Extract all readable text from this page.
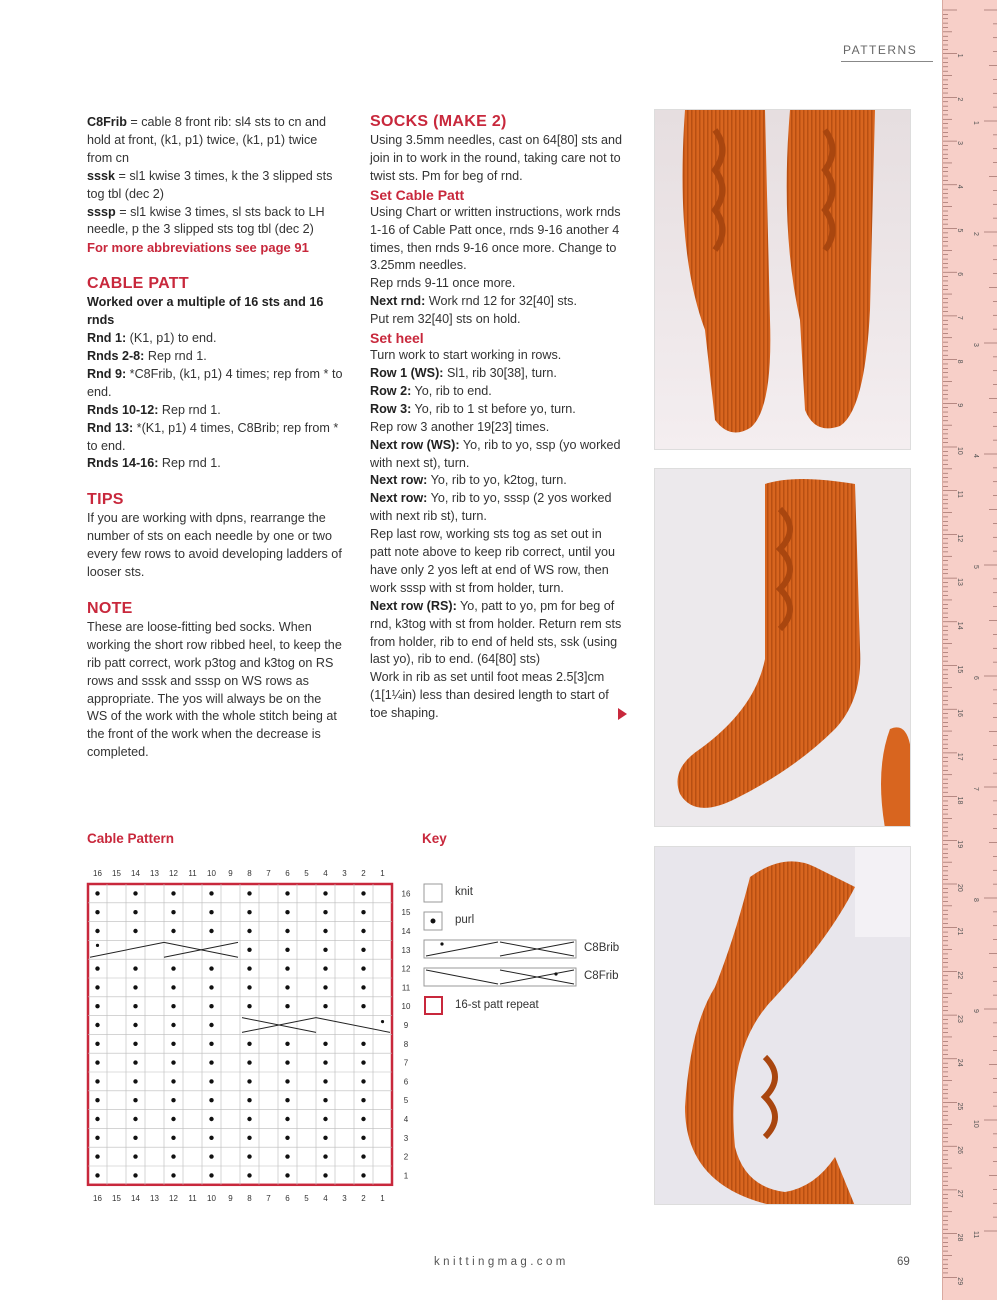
PATTERNS

C8Frib = cable 8 front rib: sl4 sts to cn and hold at front, (k1, p1) twice, (k1, p1) twice from cn

sssk = sl1 kwise 3 times, k the 3 slipped sts tog tbl (dec 2)

sssp = sl1 kwise 3 times, sl sts back to LH needle, p the 3 slipped sts tog tbl (dec 2)

For more abbreviations see page 91

CABLE PATT

Worked over a multiple of 16 sts and 16 rnds

Rnd 1: (K1, p1) to end.

Rnds 2-8: Rep rnd 1.

Rnd 9: *C8Frib, (k1, p1) 4 times; rep from * to end.

Rnds 10-12: Rep rnd 1.

Rnd 13: *(K1, p1) 4 times, C8Brib; rep from * to end.

Rnds 14-16: Rep rnd 1.

TIPS

If you are working with dpns, rearrange the number of sts on each needle by one or two every few rows to avoid developing ladders of looser sts.

NOTE

These are loose-fitting bed socks. When working the short row ribbed heel, to keep the rib patt correct, work p3tog and k3tog on RS rows and sssk and sssp on WS rows as appropriate. The yos will always be on the WS of the work with the whole stitch being at the front of the work when the decrease is completed.

SOCKS (MAKE 2)

Using 3.5mm needles, cast on 64[80] sts and join in to work in the round, taking care not to twist sts. Pm for beg of rnd.

Set Cable Patt

Using Chart or written instructions, work rnds 1-16 of Cable Patt once, rnds 9-16 another 4 times, then rnds 9-16 once more. Change to 3.25mm needles.

Rep rnds 9-11 once more.

Next rnd: Work rnd 12 for 32[40] sts.

Put rem 32[40] sts on hold.

Set heel

Turn work to start working in rows.

Row 1 (WS): Sl1, rib 30[38], turn.

Row 2: Yo, rib to end.

Row 3: Yo, rib to 1 st before yo, turn.

Rep row 3 another 19[23] times.

Next row (WS): Yo, rib to yo, ssp (yo worked with next st), turn.

Next row: Yo, rib to yo, k2tog, turn.

Next row: Yo, rib to yo, sssp (2 yos worked with next rib st), turn.

Rep last row, working sts tog as set out in patt note above to keep rib correct, until you have only 2 yos left at end of WS row, then work sssp with st from holder, turn.

Next row (RS): Yo, patt to yo, pm for beg of rnd, k3tog with st from holder. Return rem sts from holder, rib to end of held sts, ssk (using last yo), rib to end. (64[80] sts)

Work in rib as set until foot meas 2.5[3]cm (1[1¼in) less than desired length to start of toe shaping.

Cable Pattern
16
16
15
15
14
14
13
13
12
12
11
11
10
10
9
9
8
8
7
7
6
6
5
5
4
4
3
3
2
2
1
1
16
15
14
13
12
11
10
9
8
7
6
5
4
3
2
1
Key
knit
purl
C8Brib
C8Frib
16-st patt repeat
1
2
3
4
5
6
7
8
9
10
11
12
13
14
15
16
17
18
19
20
21
22
23
24
25
26
27
28
29
1
2
3
4
5
6
7
8
9
10
11
knittingmag.com	69
